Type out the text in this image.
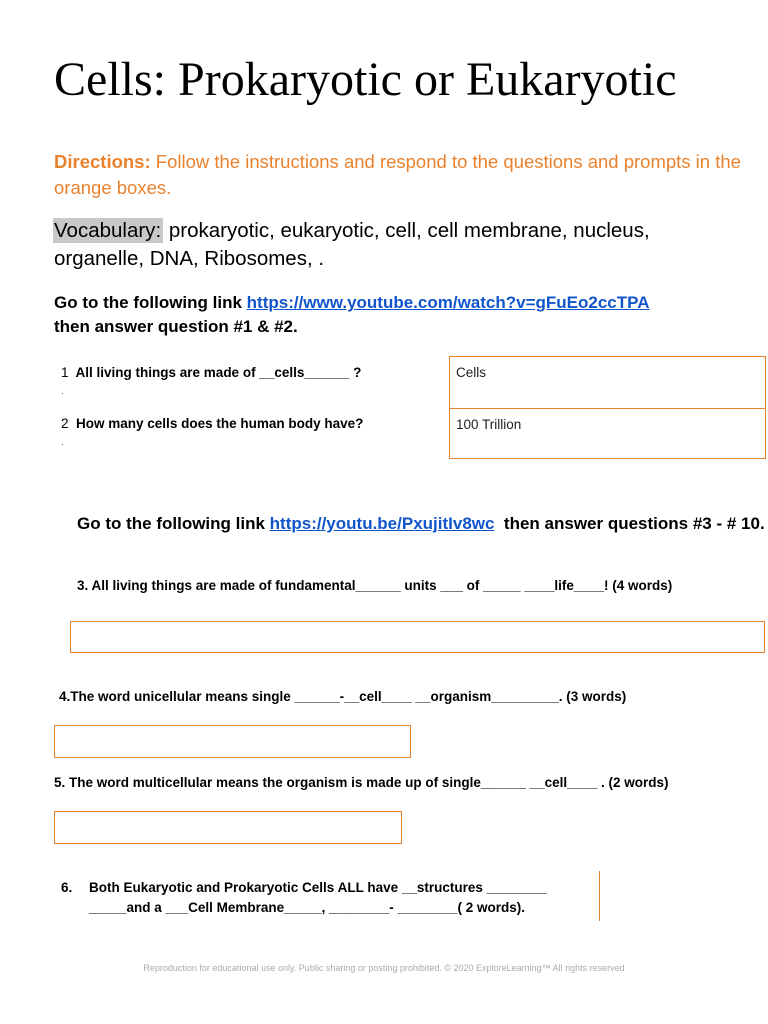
Cells: Prokaryotic or Eukaryotic
Directions: Follow the instructions and respond to the questions and prompts in the orange boxes.
Vocabulary: prokaryotic, eukaryotic, cell, cell membrane, nucleus, organelle, DNA, Ribosomes, .
Go to the following link https://www.youtube.com/watch?v=gFuEo2ccTPA
then answer question #1 & #2.
1 All living things are made of __cells______ ?
.
Cells
2 How many cells does the human body have?
.
100 Trillion
Go to the following link https://youtu.be/PxujitIv8wc  then answer questions #3 - # 10.
3. All living things are made of fundamental______ units ___ of _____ ____life____! (4 words)
4.The word unicellular means single ______-__cell____ __organism_________. (3 words)
5. The word multicellular means the organism is made up of single______ __cell____ . (2 words)
6. Both Eukaryotic and Prokaryotic Cells ALL have __structures ________
_____and a ___Cell Membrane_____, ________- ________( 2 words).
Reproduction for educational use only. Public sharing or posting prohibited. © 2020 ExploreLearning™ All rights reserved
